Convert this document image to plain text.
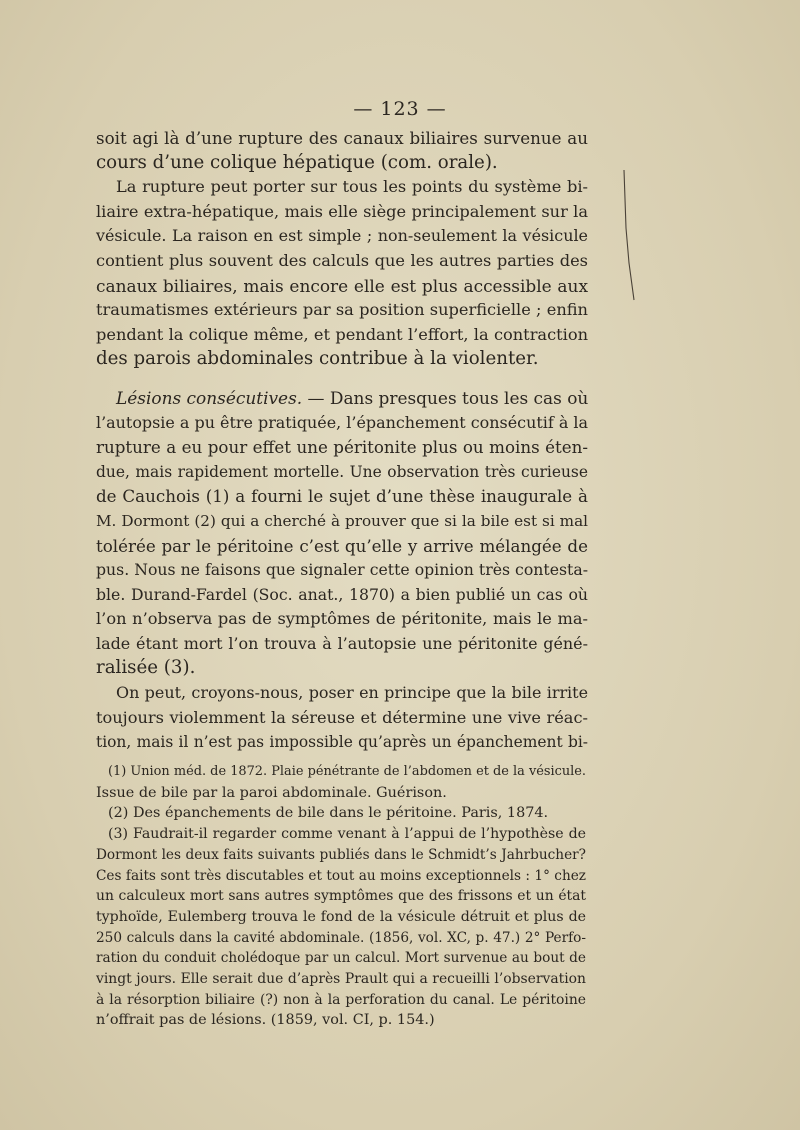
— 123 —
soit agi là d’une rupture des canaux biliaires survenue au
cours d’une colique hépatique (com. orale).
La rupture peut porter sur tous les points du système bi-
liaire extra-hépatique, mais elle siège principalement sur la
vésicule. La raison en est simple ; non-seulement la vésicule
contient plus souvent des calculs que les autres parties des
canaux biliaires, mais encore elle est plus accessible aux
traumatismes extérieurs par sa position superficielle ; enfin
pendant la colique même, et pendant l’effort, la contraction
des parois abdominales contribue à la violenter.
Lésions consécutives. — Dans presques tous les cas où
l’autopsie a pu être pratiquée, l’épanchement consécutif à la
rupture a eu pour effet une péritonite plus ou moins éten-
due, mais rapidement mortelle. Une observation très curieuse
de Cauchois (1) a fourni le sujet d’une thèse inaugurale à
M. Dormont (2) qui a cherché à prouver que si la bile est si mal
tolérée par le péritoine c’est qu’elle y arrive mélangée de
pus. Nous ne faisons que signaler cette opinion très contesta-
ble. Durand-Fardel (Soc. anat., 1870) a bien publié un cas où
l’on n’observa pas de symptômes de péritonite, mais le ma-
lade étant mort l’on trouva à l’autopsie une péritonite géné-
ralisée (3).
On peut, croyons-nous, poser en principe que la bile irrite
toujours violemment la séreuse et détermine une vive réac-
tion, mais il n’est pas impossible qu’après un épanchement bi-
(1) Union méd. de 1872. Plaie pénétrante de l’abdomen et de la vésicule.
Issue de bile par la paroi abdominale. Guérison.
(2) Des épanchements de bile dans le péritoine. Paris, 1874.
(3) Faudrait-il regarder comme venant à l’appui de l’hypothèse de
Dormont les deux faits suivants publiés dans le Schmidt’s Jahrbucher?
Ces faits sont très discutables et tout au moins exceptionnels : 1° chez
un calculeux mort sans autres symptômes que des frissons et un état
typhoïde, Eulemberg trouva le fond de la vésicule détruit et plus de
250 calculs dans la cavité abdominale. (1856, vol. XC, p. 47.) 2° Perfo-
ration du conduit cholédoque par un calcul. Mort survenue au bout de
vingt jours. Elle serait due d’après Prault qui a recueilli l’observation
à la résorption biliaire (?) non à la perforation du canal. Le péritoine
n’offrait pas de lésions. (1859, vol. CI, p. 154.)
